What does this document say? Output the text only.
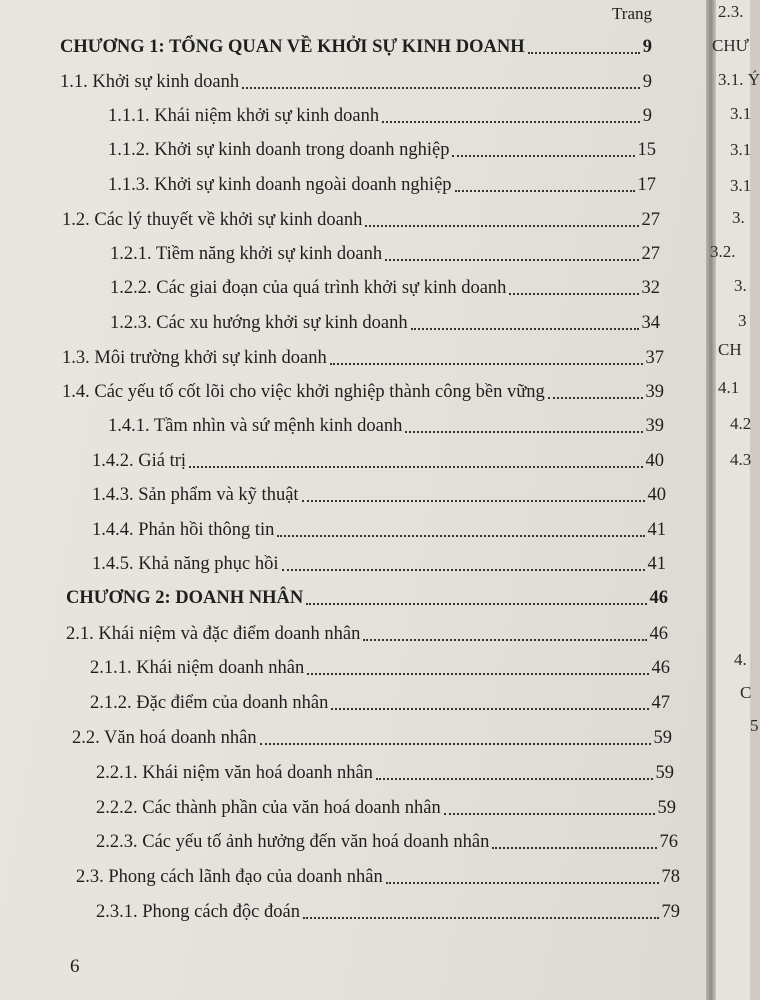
Trang
CHƯƠNG 1: TỔNG QUAN VỀ KHỞI SỰ KINH DOANH	9
1.1. Khởi sự kinh doanh	9
1.1.1. Khái niệm khởi sự kinh doanh	9
1.1.2. Khởi sự kinh doanh trong doanh nghiệp	15
1.1.3. Khởi sự kinh doanh ngoài doanh nghiệp	17
1.2. Các lý thuyết về khởi sự kinh doanh	27
1.2.1. Tiềm năng khởi sự kinh doanh	27
1.2.2. Các giai đoạn của quá trình khởi sự kinh doanh	32
1.2.3. Các xu hướng khởi sự kinh doanh	34
1.3. Môi trường khởi sự kinh doanh	37
1.4. Các yếu tố cốt lõi cho việc khởi nghiệp thành công bền vững	39
1.4.1. Tầm nhìn và sứ mệnh kinh doanh	39
1.4.2. Giá trị	40
1.4.3. Sản phẩm và kỹ thuật	40
1.4.4. Phản hồi thông tin	41
1.4.5. Khả năng phục hồi	41
CHƯƠNG 2: DOANH NHÂN	46
2.1. Khái niệm và đặc điểm doanh nhân	46
2.1.1. Khái niệm doanh nhân	46
2.1.2. Đặc điểm của doanh nhân	47
2.2. Văn hoá doanh nhân	59
2.2.1. Khái niệm văn hoá doanh nhân	59
2.2.2. Các thành phần của văn hoá doanh nhân	59
2.2.3. Các yếu tố ảnh hưởng đến văn hoá doanh nhân	76
2.3. Phong cách lãnh đạo của doanh nhân	78
2.3.1. Phong cách độc đoán	79
6
2.3.
CHƯ
3.1. Ý
3.1
3.1
3.1
3.
3.2.
3.
3
CH
4.1
4.2
4.3
4.
C
5
